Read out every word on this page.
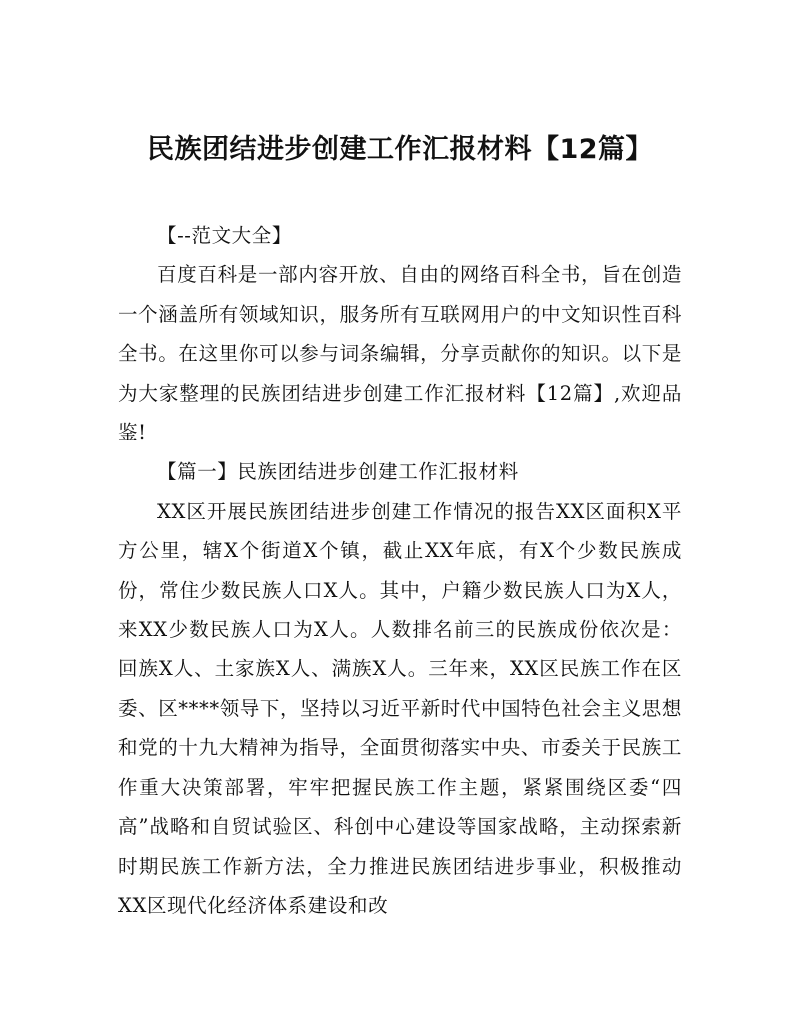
民族团结进步创建工作汇报材料【12篇】

【--范文大全】

百度百科是一部内容开放、自由的网络百科全书，旨在创造一个涵盖所有领域知识，服务所有互联网用户的中文知识性百科全书。在这里你可以参与词条编辑，分享贡献你的知识。以下是为大家整理的民族团结进步创建工作汇报材料【12篇】,欢迎品鉴!

【篇一】民族团结进步创建工作汇报材料

XX区开展民族团结进步创建工作情况的报告XX区面积X平方公里，辖X个街道X个镇，截止XX年底，有X个少数民族成份，常住少数民族人口X人。其中，户籍少数民族人口为X人，来XX少数民族人口为X人。人数排名前三的民族成份依次是：回族X人、土家族X人、满族X人。三年来，XX区民族工作在区委、区****领导下，坚持以习近平新时代中国特色社会主义思想和党的十九大精神为指导，全面贯彻落实中央、市委关于民族工作重大决策部署，牢牢把握民族工作主题，紧紧围绕区委“四高”战略和自贸试验区、科创中心建设等国家战略，主动探索新时期民族工作新方法，全力推进民族团结进步事业，积极推动XX区现代化经济体系建设和改
